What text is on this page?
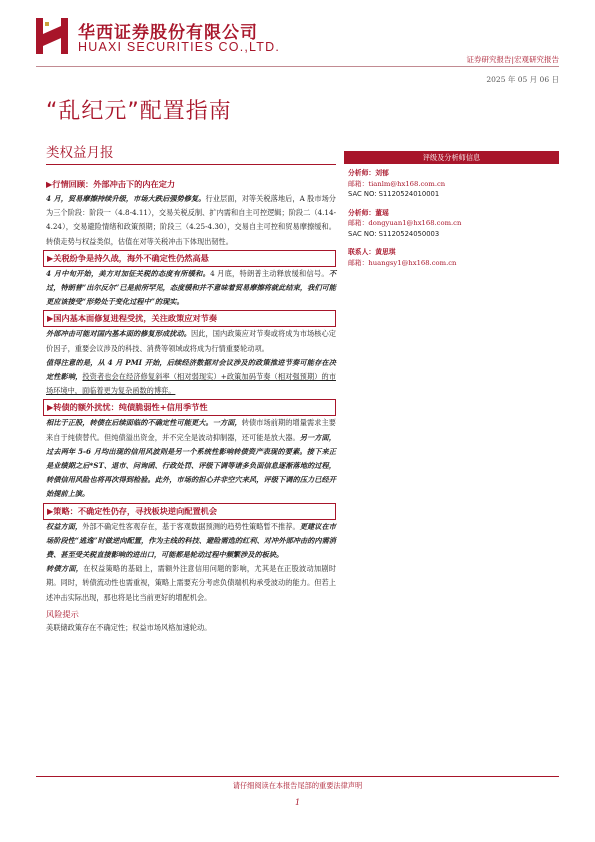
华西证券股份有限公司
HUAXI SECURITIES CO.,LTD.
证券研究报告|宏观研究报告
2025 年 05 月 06 日
“乱纪元”配置指南
类权益月报
▶行情回顾：外部冲击下的内在定力
4 月，贸易摩擦持续升级，市场大跌后强势修复。行业层面，对等关税落地后，A 股市场分为三个阶段：阶段一（4.8-4.11），交易关税反制、扩内需和自主可控逻辑；阶段二（4.14-4.24），交易避险情绪和政策预期；阶段三（4.25-4.30），交易自主可控和贸易摩擦缓和。转债走势与权益类似，估值在对等关税冲击下体现出韧性。
▶关税纷争是持久战，海外不确定性仍然高悬
4 月中旬开始，美方对加征关税的态度有所缓和。4 月底，特朗普主动释放缓和信号。不过，特朗普“出尔反尔”已是前所罕见，态度缓和并不意味着贸易摩擦将就此结束，我们可能更应该接受“形势处于变化过程中”的现实。
▶国内基本面修复进程受扰，关注政策应对节奏
外部冲击可能对国内基本面的修复形成扰动。因此，国内政策应对节奏或将成为市场核心定价因子，重要会议涉及的科技、消费等领域或将成为行情重要轮动项。
值得注意的是，从 4 月 PMI 开始，后续经济数据对会议涉及的政策推进节奏可能存在决定性影响，投资者也会在经济修复斜率（相对弱现实）+政策加码节奏（相对强预期）的市场环境中，面临着更为复杂函数的博弈。
▶转债的额外扰忧：纯债脆弱性+信用季节性
相比于正股，转债在后续面临的不确定性可能更大。一方面，转债市场前期的增量需求主要来自于纯债替代。但纯债溢出资金，并不完全是波动抑制器，还可能是放大器。另一方面，过去两年 5-6 月均出现的信用风波则是另一个系统性影响转债资产表现的要素。接下来正是业绩期之后*ST、退市、问询函、行政处罚、评级下调等诸多负面信息逐渐落地的过程，转债信用风险也将再次得到检验。此外，市场的担心并非空穴来风，评级下调的压力已经开始提前上演。
▶策略：不确定性仍存，寻找板块逆向配置机会
权益方面，外部不确定性客观存在，基于客观数据预测的趋势性策略暂不推荐。更建议在市场阶段性“逃逸”时做逆向配置，作为主线的科技、避险需选的红利、对冲外部冲击的内需消费、甚至受关税直接影响的进出口，可能都是轮动过程中频繁涉及的板块。
转债方面，在权益策略的基础上，需额外注意信用问题的影响，尤其是在正股波动加剧时期。同时，转债流动性也需重视，策略上需要充分考虑负债端机构承受波动的能力。但若上述冲击实际出现，那也将是比当前更好的增配机会。
风险提示
美联储政策存在不确定性；权益市场风格加速轮动。
评级及分析师信息
分析师：刘郁
邮箱：tianlm@hx168.com.cn
SAC NO: S1120524010001
分析师：董瑶
邮箱：dongyuan1@hx168.com.cn
SAC NO: S1120524050003
联系人：黄思琪
邮箱：huangsy1@hx168.com.cn
请仔细阅读在本报告尾部的重要法律声明
1
